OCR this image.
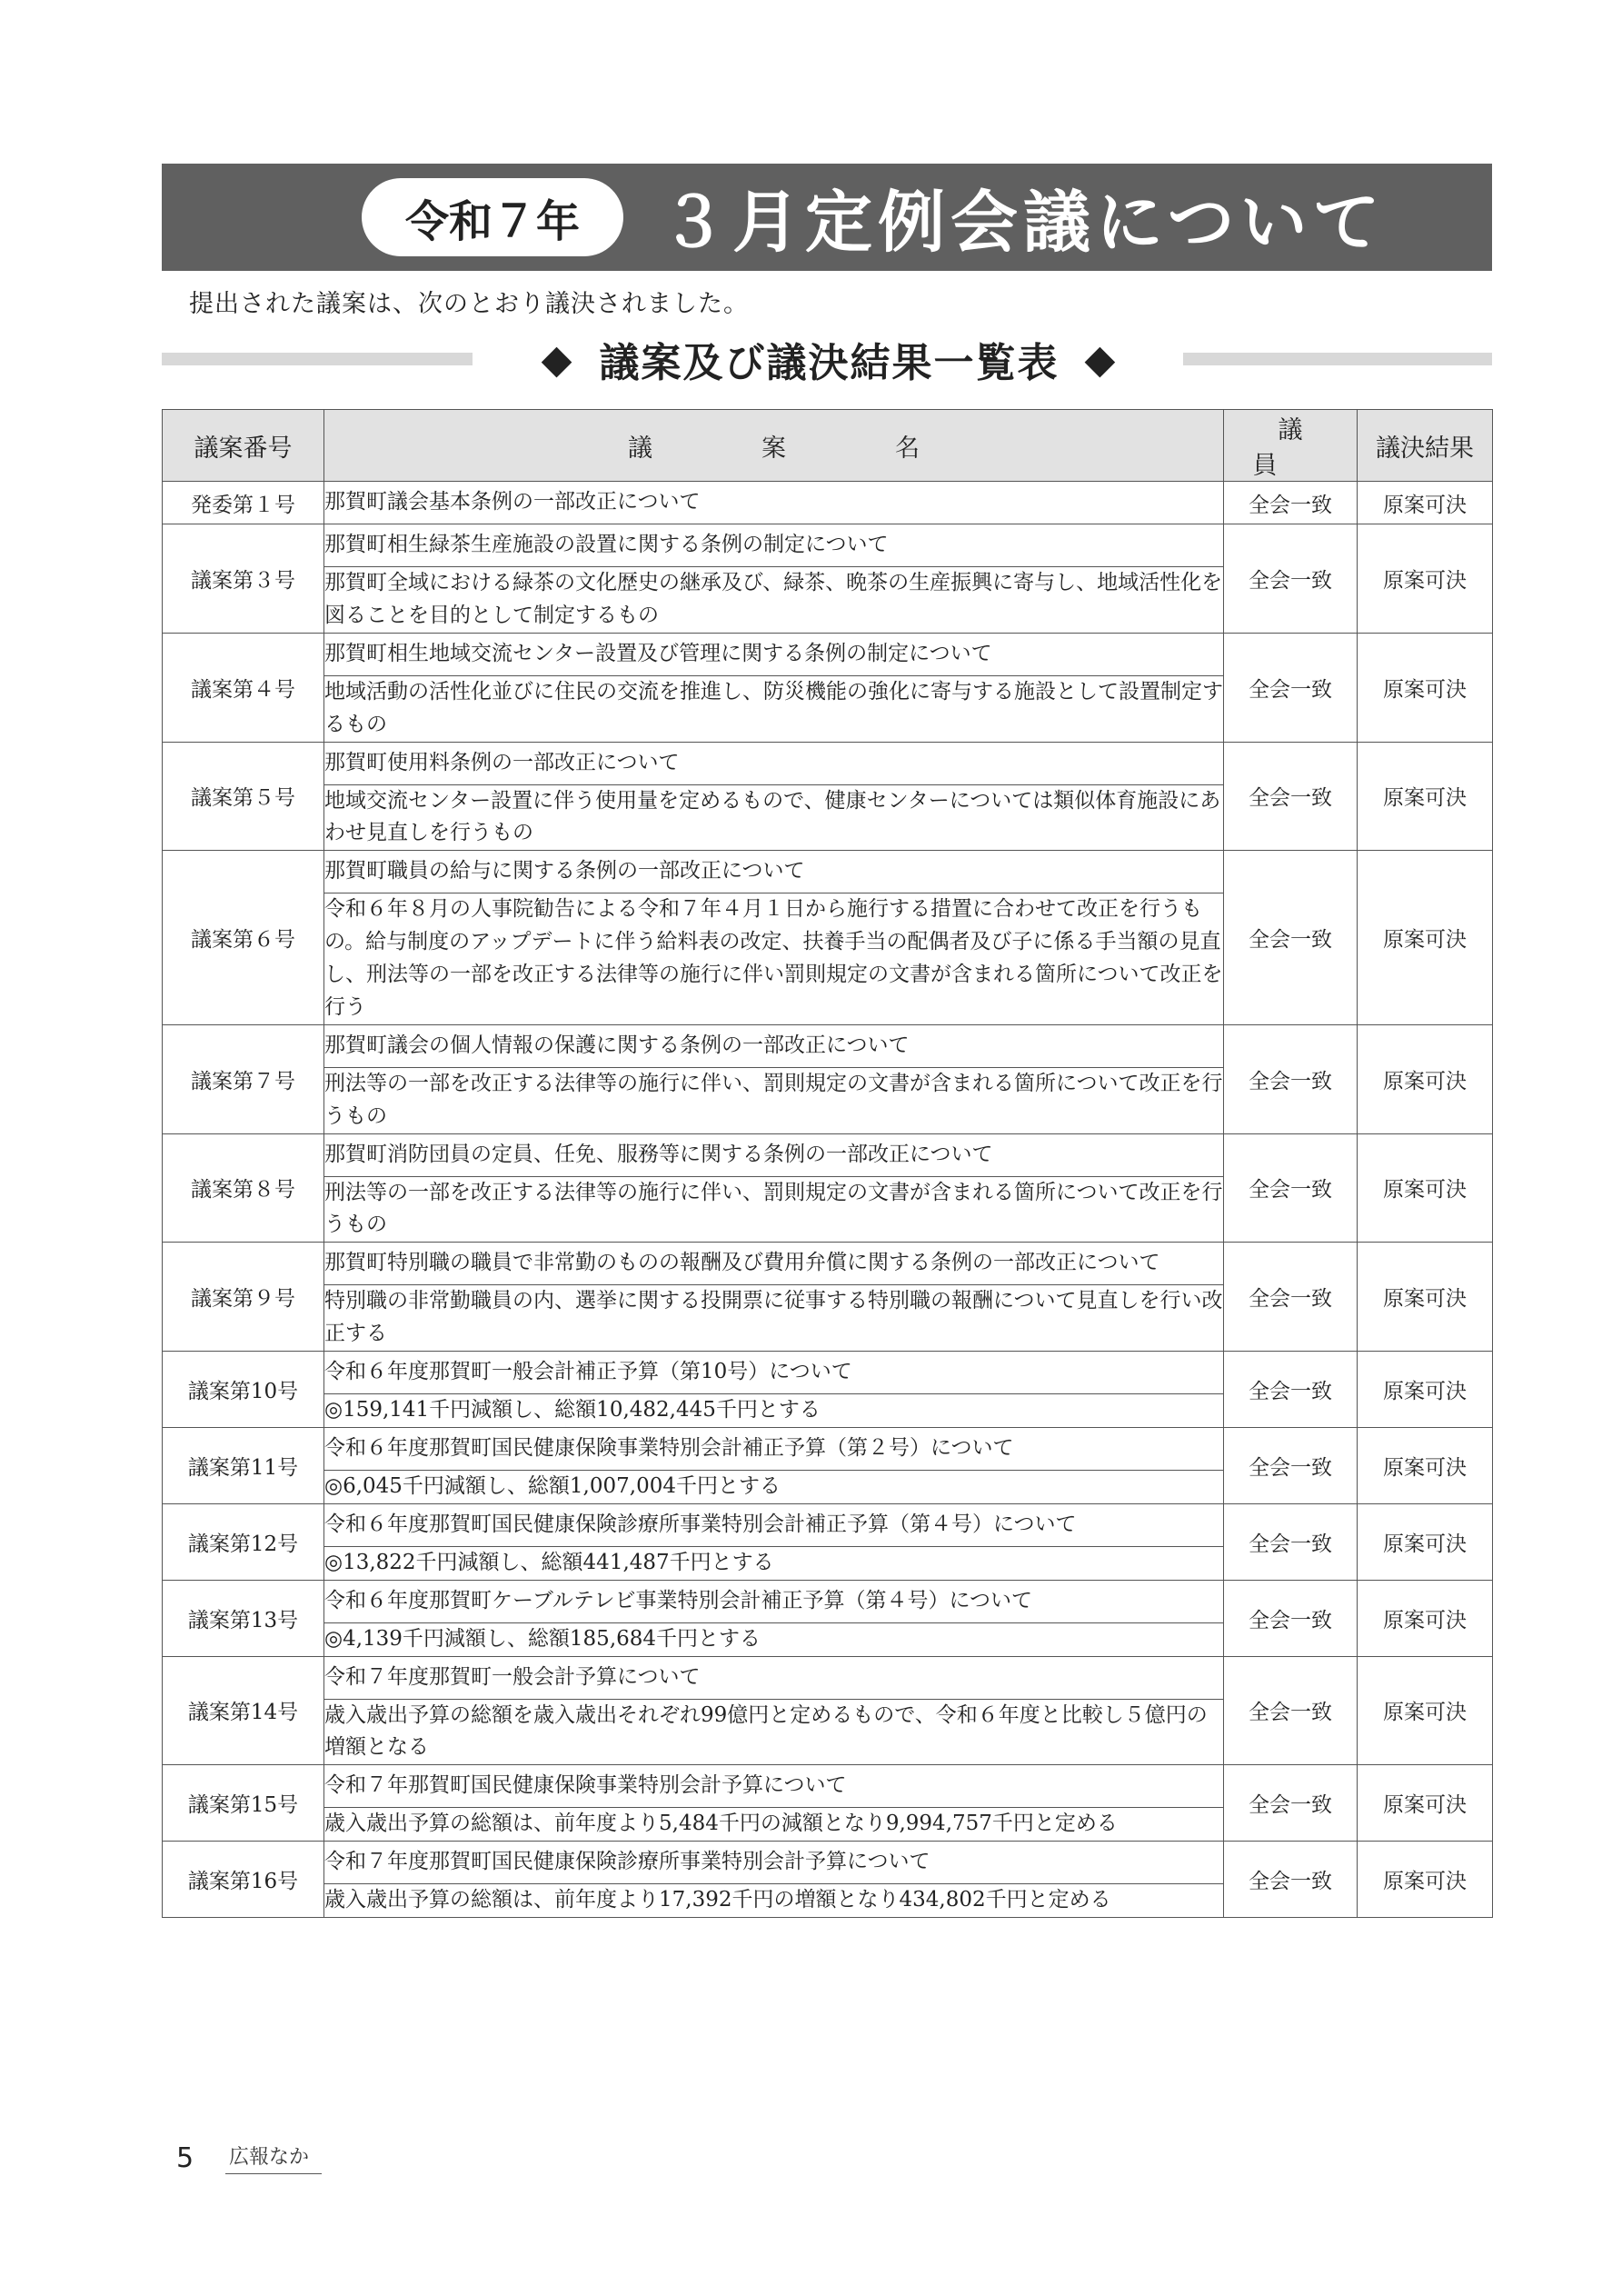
令和７年	３月定例会議について
提出された議案は、次のとおり議決されました。
◆ 議案及び議決結果一覧表 ◆
議案番号	議案名	議員	議決結果
発委第１号	那賀町議会基本条例の一部改正について	全会一致	原案可決
議案第３号	那賀町相生緑茶生産施設の設置に関する条例の制定について	全会一致	原案可決
	那賀町全域における緑茶の文化歴史の継承及び、緑茶、晩茶の生産振興に寄与し、地域活性化を図ることを目的として制定するもの		
議案第４号	那賀町相生地域交流センター設置及び管理に関する条例の制定について	全会一致	原案可決
	地域活動の活性化並びに住民の交流を推進し、防災機能の強化に寄与する施設として設置制定するもの		
議案第５号	那賀町使用料条例の一部改正について	全会一致	原案可決
	地域交流センター設置に伴う使用量を定めるもので、健康センターについては類似体育施設にあわせ見直しを行うもの		
議案第６号	那賀町職員の給与に関する条例の一部改正について	全会一致	原案可決
	令和６年８月の人事院勧告による令和７年４月１日から施行する措置に合わせて改正を行うもの。給与制度のアップデートに伴う給料表の改定、扶養手当の配偶者及び子に係る手当額の見直し、刑法等の一部を改正する法律等の施行に伴い罰則規定の文書が含まれる箇所について改正を行う		
議案第７号	那賀町議会の個人情報の保護に関する条例の一部改正について	全会一致	原案可決
	刑法等の一部を改正する法律等の施行に伴い、罰則規定の文書が含まれる箇所について改正を行うもの		
議案第８号	那賀町消防団員の定員、任免、服務等に関する条例の一部改正について	全会一致	原案可決
	刑法等の一部を改正する法律等の施行に伴い、罰則規定の文書が含まれる箇所について改正を行うもの		
議案第９号	那賀町特別職の職員で非常勤のものの報酬及び費用弁償に関する条例の一部改正について	全会一致	原案可決
	特別職の非常勤職員の内、選挙に関する投開票に従事する特別職の報酬について見直しを行い改正する		
議案第10号	令和６年度那賀町一般会計補正予算（第10号）について	全会一致	原案可決
	◎159,141千円減額し、総額10,482,445千円とする		
議案第11号	令和６年度那賀町国民健康保険事業特別会計補正予算（第２号）について	全会一致	原案可決
	◎6,045千円減額し、総額1,007,004千円とする		
議案第12号	令和６年度那賀町国民健康保険診療所事業特別会計補正予算（第４号）について	全会一致	原案可決
	◎13,822千円減額し、総額441,487千円とする		
議案第13号	令和６年度那賀町ケーブルテレビ事業特別会計補正予算（第４号）について	全会一致	原案可決
	◎4,139千円減額し、総額185,684千円とする		
議案第14号	令和７年度那賀町一般会計予算について	全会一致	原案可決
	歳入歳出予算の総額を歳入歳出それぞれ99億円と定めるもので、令和６年度と比較し５億円の増額となる		
議案第15号	令和７年那賀町国民健康保険事業特別会計予算について	全会一致	原案可決
	歳入歳出予算の総額は、前年度より5,484千円の減額となり9,994,757千円と定める		
議案第16号	令和７年度那賀町国民健康保険診療所事業特別会計予算について	全会一致	原案可決
	歳入歳出予算の総額は、前年度より17,392千円の増額となり434,802千円と定める		
5	広報なか
